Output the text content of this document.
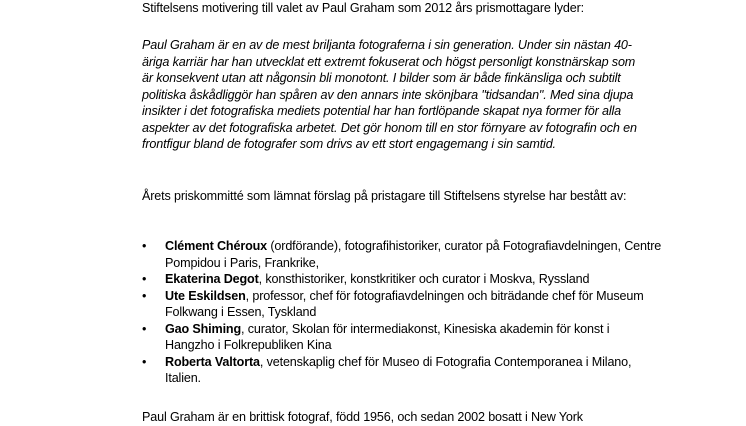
Stiftelsens motivering till valet av Paul Graham som 2012 års prismottagare lyder:
Paul Graham är en av de mest briljanta fotograferna i sin generation. Under sin nästan 40-äriga karriär har han utvecklat ett extremt fokuserat och högst personligt konstnärskap som är konsekvent utan att någonsin bli monotont. I bilder som är både finkänsliga och subtilt politiska åskådliggör han spåren av den annars inte skönjbara "tidsandan". Med sina djupa insikter i det fotografiska mediets potential har han fortlöpande skapat nya former för alla aspekter av det fotografiska arbetet. Det gör honom till en stor förnyare av fotografin och en frontfigur bland de fotografer som drivs av ett stort engagemang i sin samtid.
Årets priskommitté som lämnat förslag på pristagare till Stiftelsens styrelse har bestått av:
• Clément Chéroux (ordförande), fotografihistoriker, curator på Fotografiavdelningen, Centre Pompidou i Paris, Frankrike,
• Ekaterina Degot, konsthistoriker, konstkritiker och curator i Moskva, Ryssland
• Ute Eskildsen, professor, chef för fotografiavdelningen och biträdande chef för Museum Folkwang i Essen, Tyskland
• Gao Shiming, curator, Skolan för intermediakonst, Kinesiska akademin för konst i Hangzho i Folkrepubliken Kina
• Roberta Valtorta, vetenskaplig chef för Museo di Fotografia Contemporanea i Milano, Italien.
Paul Graham är en brittisk fotograf, född 1956, och sedan 2002 bosatt i New York
